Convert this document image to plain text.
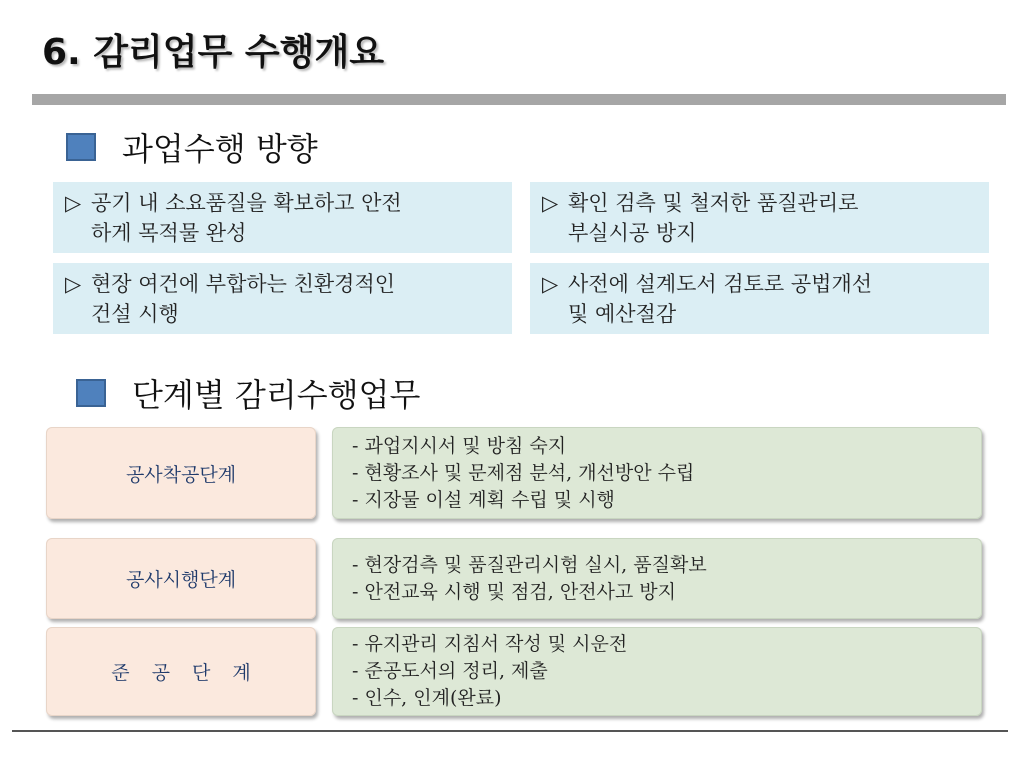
6. 감리업무 수행개요
과업수행 방향
▷ 공기 내 소요품질을 확보하고 안전
하게 목적물 완성
▷ 확인 검측 및 철저한 품질관리로
부실시공 방지
▷ 현장 여건에 부합하는 친환경적인
건설 시행
▷ 사전에 설계도서 검토로 공법개선
및 예산절감
단계별 감리수행업무
공사착공단계
- 과업지시서 및 방침 숙지
- 현황조사 및 문제점 분석, 개선방안 수립
- 지장물 이설 계획 수립 및 시행
공사시행단계
- 현장검측 및 품질관리시험 실시, 품질확보
- 안전교육 시행 및 점검, 안전사고 방지
준공단계
- 유지관리 지침서 작성 및 시운전
- 준공도서의 정리, 제출
- 인수, 인계(완료)
